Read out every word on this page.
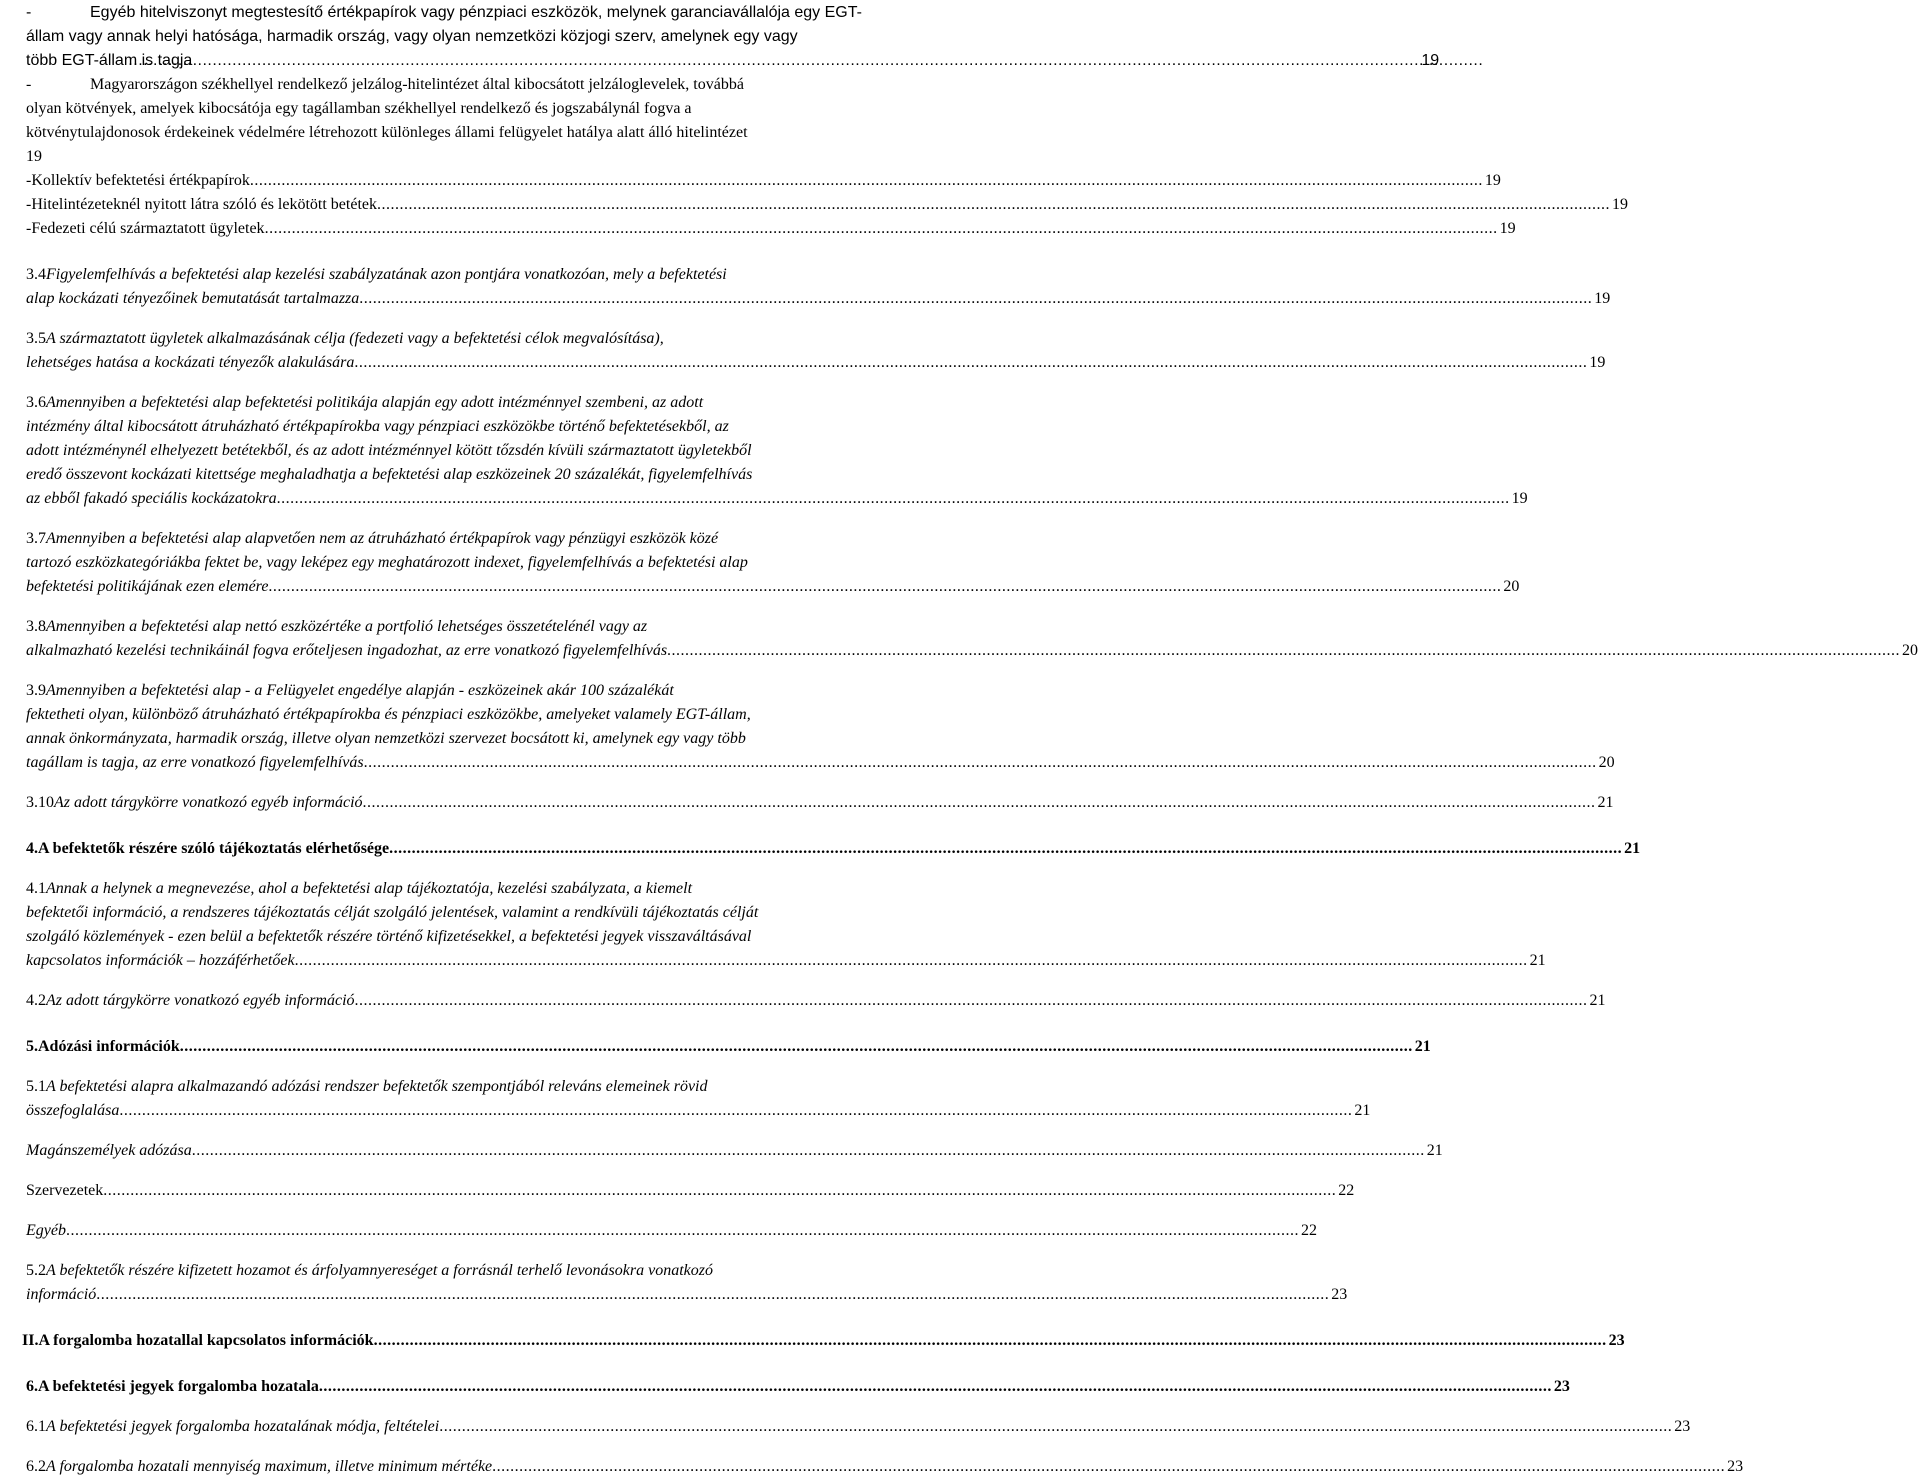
-	Egyéb hitelviszonyt megtestesítő értékpapírok vagy pénzpiaci eszközök, melynek garanciavállalója egy EGT-
állam vagy annak helyi hatósága, harmadik ország, vagy olyan nemzetközi közjogi szerv, amelynek egy vagy
több EGT-állam is tagja .....	19
-	Magyarországon székhellyel rendelkező jelzálog-hitelintézet által kibocsátott jelzáloglevelek, továbbá
olyan kötvények, amelyek kibocsátója egy tagállamban székhellyel rendelkező és jogszabálynál fogva a
kötvénytulajdonosok érdekeinek védelmére létrehozott különleges állami felügyelet hatálya alatt álló hitelintézet
19
- Kollektív befektetési értékpapírok .....	19
- Hitelintézeteknél nyitott látra szóló és lekötött betétek .....	19
- Fedezeti célú származtatott ügyletek .....	19
3.4Figyelemfelhívás a befektetési alap kezelési szabályzatának azon pontjára vonatkozóan, mely a befektetési
alap kockázati tényezőinek bemutatását tartalmazza .....	19
3.5A származtatott ügyletek alkalmazásának célja (fedezeti vagy a befektetési célok megvalósítása),
lehetséges hatása a kockázati tényezők alakulására .....	19
3.6Amennyiben a befektetési alap befektetési politikája alapján egy adott intézménnyel szembeni, az adott
intézmény által kibocsátott átruházható értékpapírokba vagy pénzpiaci eszközökbe történő befektetésekből, az
adott intézménynél elhelyezett betétekből, és az adott intézménnyel kötött tőzsdén kívüli származtatott ügyletekből
eredő összevont kockázati kitettsége meghaladhatja a befektetési alap eszközeinek 20 százalékát, figyelemfelhívás
az ebből fakadó speciális kockázatokra .....	19
3.7Amennyiben a befektetési alap alapvetően nem az átruházható értékpapírok vagy pénzügyi eszközök közé
tartozó eszközkategóriákba fektet be, vagy leképez egy meghatározott indexet, figyelemfelhívás a befektetési alap
befektetési politikájának ezen elemére .....	20
3.8Amennyiben a befektetési alap nettó eszközértéke a portfolió lehetséges összetételénél vagy az
alkalmazható kezelési technikáinál fogva erőteljesen ingadozhat, az erre vonatkozó figyelemfelhívás .....	20
3.9Amennyiben a befektetési alap - a Felügyelet engedélye alapján - eszközeinek akár 100 százalékát
fektetheti olyan, különböző átruházható értékpapírokba és pénzpiaci eszközökbe, amelyeket valamely EGT-állam,
annak önkormányzata, harmadik ország, illetve olyan nemzetközi szervezet bocsátott ki, amelynek egy vagy több
tagállam is tagja, az erre vonatkozó figyelemfelhívás .....	20
3.10 Az adott tárgykörre vonatkozó egyéb információ .....	21
4. A befektetők részére szóló tájékoztatás elérhetősége .....	21
4.1Annak a helynek a megnevezése, ahol a befektetési alap tájékoztatója, kezelési szabályzata, a kiemelt
befektetői információ, a rendszeres tájékoztatás célját szolgáló jelentések, valamint a rendkívüli tájékoztatás célját
szolgáló közlemények - ezen belül a befektetők részére történő kifizetésekkel, a befektetési jegyek visszaváltásával
kapcsolatos információk – hozzáférhetőek .....	21
4.2 Az adott tárgykörre vonatkozó egyéb információ .....	21
5. Adózási információk .....	21
5.1A befektetési alapra alkalmazandó adózási rendszer befektetők szempontjából releváns elemeinek rövid
összefoglalása .....	21
Magánszemélyek adózása .....	21
Szervezetek .....	22
Egyéb .....	22
5.2A befektetők részére kifizetett hozamot és árfolyamnyereséget a forrásnál terhelő levonásokra vonatkozó
információ .....	23
II. A forgalomba hozatallal kapcsolatos információk .....	23
6. A befektetési jegyek forgalomba hozatala .....	23
6.1 A befektetési jegyek forgalomba hozatalának módja, feltételei .....	23
6.2 A forgalomba hozatali mennyiség maximum, illetve minimum mértéke .....	23
